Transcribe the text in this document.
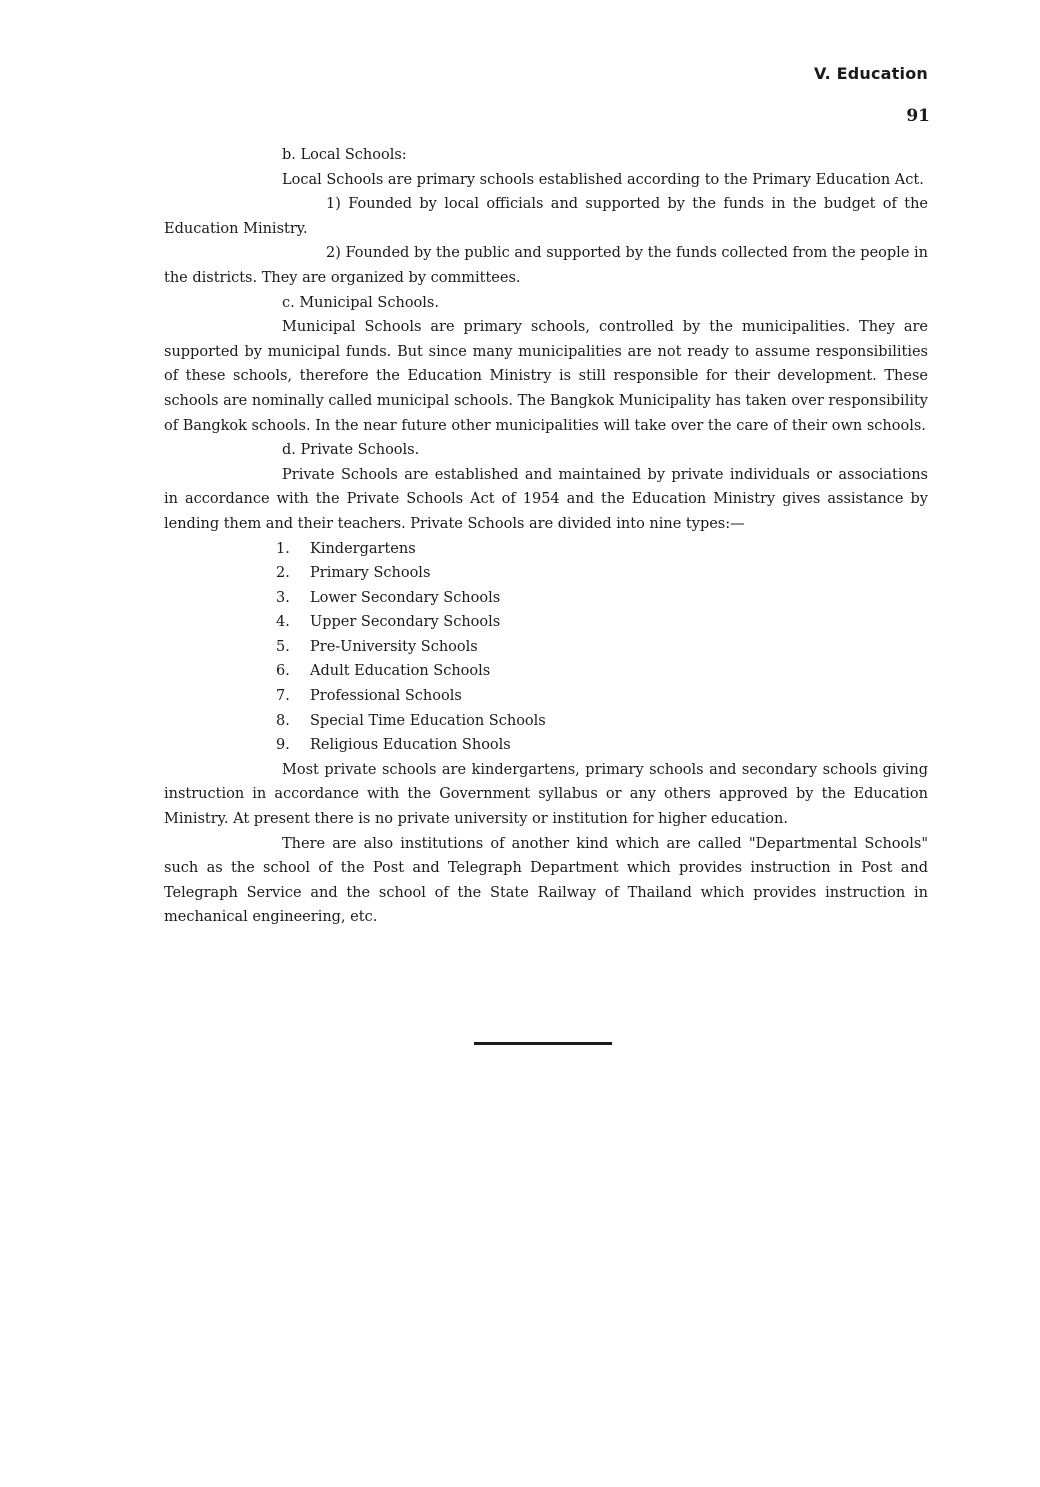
V. Education
91

b. Local Schools:

Local Schools are primary schools established according to the Primary Education Act.

1) Founded by local officials and supported by the funds in the budget of the Education Ministry.

2) Founded by the public and supported by the funds collected from the people in the districts. They are organized by committees.

c. Municipal Schools.

Municipal Schools are primary schools, controlled by the municipalities. They are supported by municipal funds. But since many municipalities are not ready to assume responsibilities of these schools, therefore the Education Ministry is still responsible for their development. These schools are nominally called municipal schools. The Bangkok Municipality has taken over responsibility of Bangkok schools. In the near future other municipalities will take over the care of their own schools.

d. Private Schools.

Private Schools are established and maintained by private individuals or associations in accordance with the Private Schools Act of 1954 and the Education Ministry gives assistance by lending them and their teachers. Private Schools are divided into nine types:—

1.	Kindergartens
2.	Primary Schools
3.	Lower Secondary Schools
4.	Upper Secondary Schools
5.	Pre-University Schools
6.	Adult Education Schools
7.	Professional Schools
8.	Special Time Education Schools
9.	Religious Education Shools

Most private schools are kindergartens, primary schools and secondary schools giving instruction in accordance with the Government syllabus or any others approved by the Education Ministry. At present there is no private university or institution for higher education.

There are also institutions of another kind which are called "Departmental Schools" such as the school of the Post and Telegraph Department which provides instruction in Post and Telegraph Service and the school of the State Railway of Thailand which provides instruction in mechanical engineering, etc.
